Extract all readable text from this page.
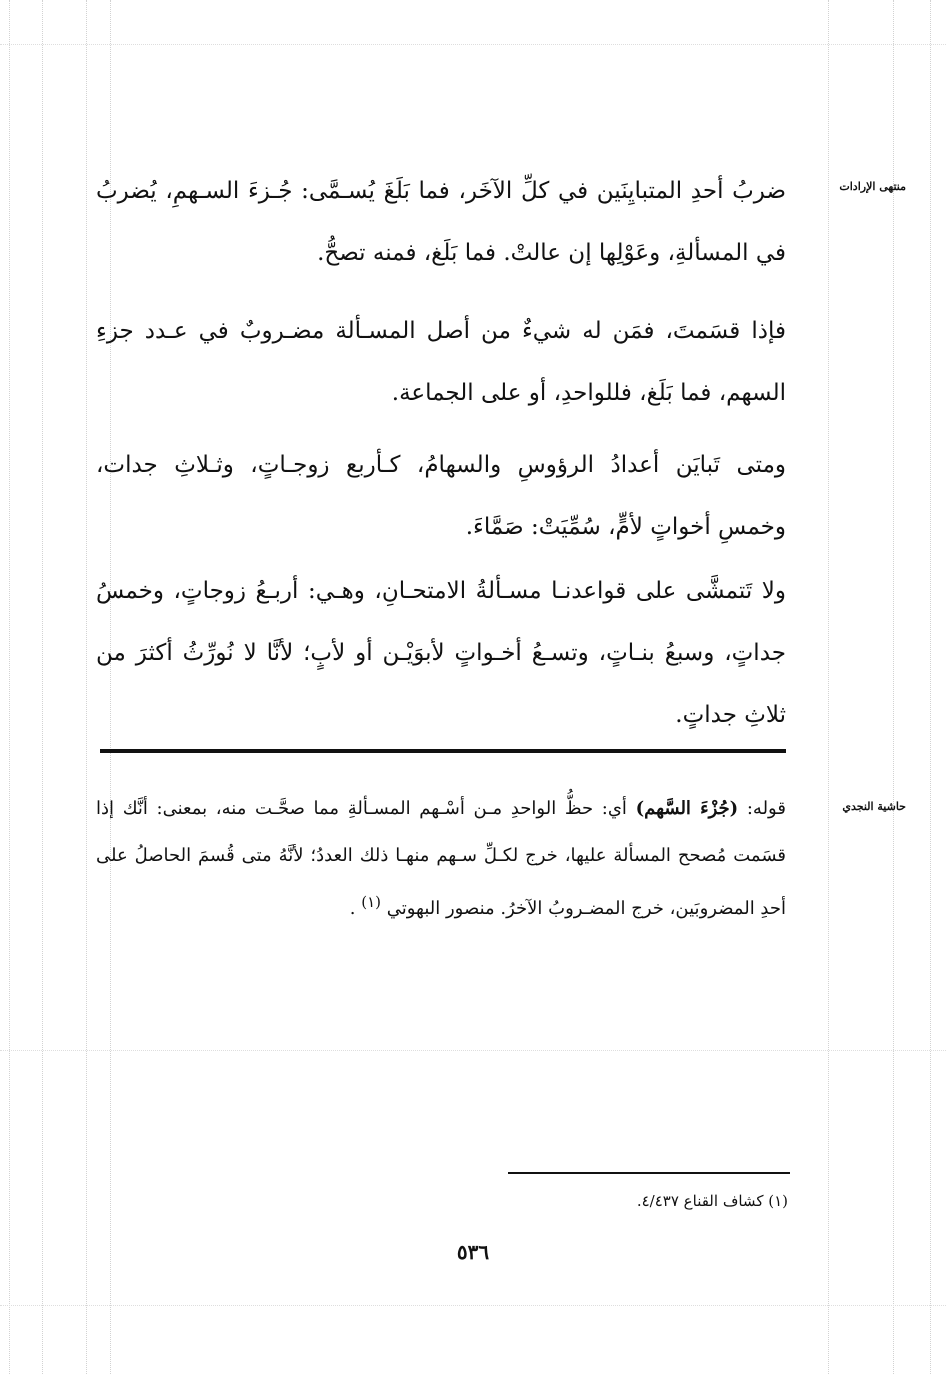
منتهى الإرادات
حاشية النجدي

ضربُ أحدِ المتبايِنَين في كلِّ الآخَر، فما بَلَغَ يُسـمَّى: جُـزءَ السـهمِ، يُضربُ في المسألةِ، وعَوْلِها إن عالتْ. فما بَلَغ، فمنه تصحُّ.

فإذا قسَمتَ، فمَن له شيءٌ من أصل المسـألة مضـروبٌ في عـدد جزءِ السهم، فما بَلَغ، فللواحدِ، أو على الجماعة.

ومتى تَبايَن أعدادُ الرؤوسِ والسهامُ، كـأربع زوجـاتٍ، وثـلاثِ جدات، وخمسِ أخواتٍ لأمٍّ، سُمِّيَتْ: صَمَّاءَ.

ولا تَتمشَّى على قواعدنـا مسـألةُ الامتحـانِ، وهـي: أربـعُ زوجاتٍ، وخمسُ جداتٍ، وسبعُ بنـاتٍ، وتسـعُ أخـواتٍ لأبوَيْـن أو لأبٍ؛ لأنَّا لا نُورِّثُ أكثرَ من ثلاثِ جداتٍ.

قوله: (جُزْءَ السَّهم) أي: حظُّ الواحدِ مـن أسْـهم المسـألةِ مما صحَّـت منه، بمعنى: أنَّك إذا قسَمت مُصحح المسألة عليها، خرج لكـلِّ سـهم منهـا ذلك العددُ؛ لأنَّهُ متى قُسمَ الحاصلُ على أحدِ المضروبَين، خرج المضـروبُ الآخرُ. منصور البهوتي $^{(١)}$ .

(١) كشاف القناع ٤/٤٣٧.
٥٣٦
